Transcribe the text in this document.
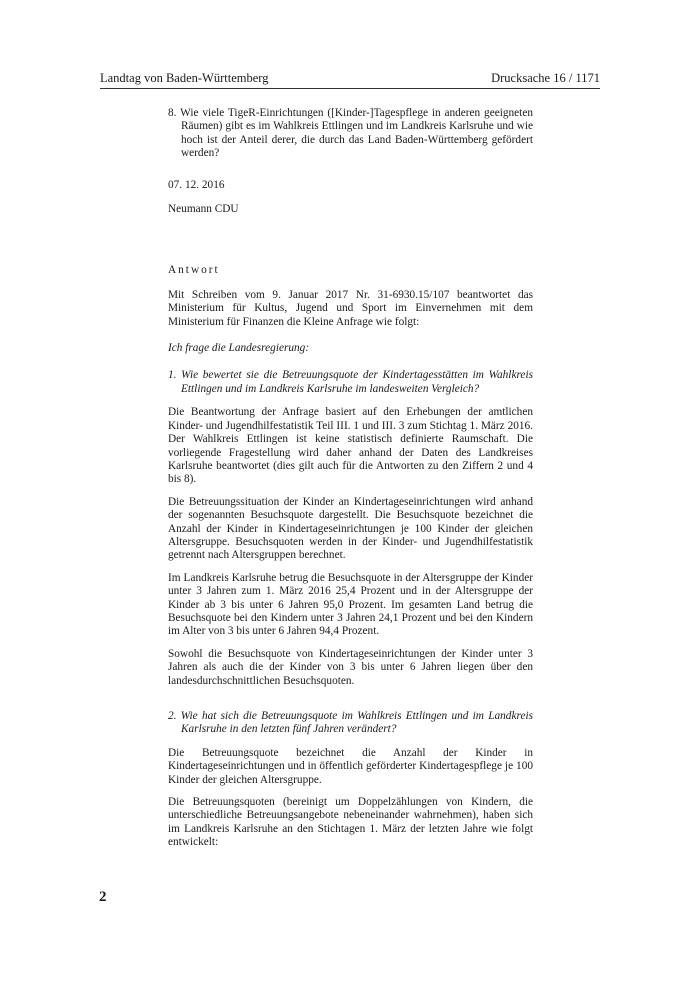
Landtag von Baden-Württemberg	Drucksache 16 / 1171

8. Wie viele TigeR-Einrichtungen ([Kinder-]Tagespflege in anderen geeigneten Räumen) gibt es im Wahlkreis Ettlingen und im Landkreis Karlsruhe und wie hoch ist der Anteil derer, die durch das Land Baden-Württemberg gefördert werden?

07. 12. 2016

Neumann CDU

Antwort

Mit Schreiben vom 9. Januar 2017 Nr. 31-6930.15/107 beantwortet das Ministerium für Kultus, Jugend und Sport im Einvernehmen mit dem Ministerium für Finanzen die Kleine Anfrage wie folgt:

Ich frage die Landesregierung:

1. Wie bewertet sie die Betreuungsquote der Kindertagesstätten im Wahlkreis Ettlingen und im Landkreis Karlsruhe im landesweiten Vergleich?

Die Beantwortung der Anfrage basiert auf den Erhebungen der amtlichen Kinder- und Jugendhilfestatistik Teil III. 1 und III. 3 zum Stichtag 1. März 2016. Der Wahlkreis Ettlingen ist keine statistisch definierte Raumschaft. Die vorliegende Fragestellung wird daher anhand der Daten des Landkreises Karlsruhe beantwortet (dies gilt auch für die Antworten zu den Ziffern 2 und 4 bis 8).

Die Betreuungssituation der Kinder an Kindertageseinrichtungen wird anhand der sogenannten Besuchsquote dargestellt. Die Besuchsquote bezeichnet die Anzahl der Kinder in Kindertageseinrichtungen je 100 Kinder der gleichen Altersgruppe. Besuchsquoten werden in der Kinder- und Jugendhilfestatistik getrennt nach Altersgruppen berechnet.

Im Landkreis Karlsruhe betrug die Besuchsquote in der Altersgruppe der Kinder unter 3 Jahren zum 1. März 2016 25,4 Prozent und in der Altersgruppe der Kinder ab 3 bis unter 6 Jahren 95,0 Prozent. Im gesamten Land betrug die Besuchsquote bei den Kindern unter 3 Jahren 24,1 Prozent und bei den Kindern im Alter von 3 bis unter 6 Jahren 94,4 Prozent.

Sowohl die Besuchsquote von Kindertageseinrichtungen der Kinder unter 3 Jahren als auch die der Kinder von 3 bis unter 6 Jahren liegen über den landesdurchschnittlichen Besuchsquoten.

2. Wie hat sich die Betreuungsquote im Wahlkreis Ettlingen und im Landkreis Karlsruhe in den letzten fünf Jahren verändert?

Die Betreuungsquote bezeichnet die Anzahl der Kinder in Kindertageseinrichtungen und in öffentlich geförderter Kindertagespflege je 100 Kinder der gleichen Altersgruppe.

Die Betreuungsquoten (bereinigt um Doppelzählungen von Kindern, die unterschiedliche Betreuungsangebote nebeneinander wahrnehmen), haben sich im Landkreis Karlsruhe an den Stichtagen 1. März der letzten Jahre wie folgt entwickelt:

2
